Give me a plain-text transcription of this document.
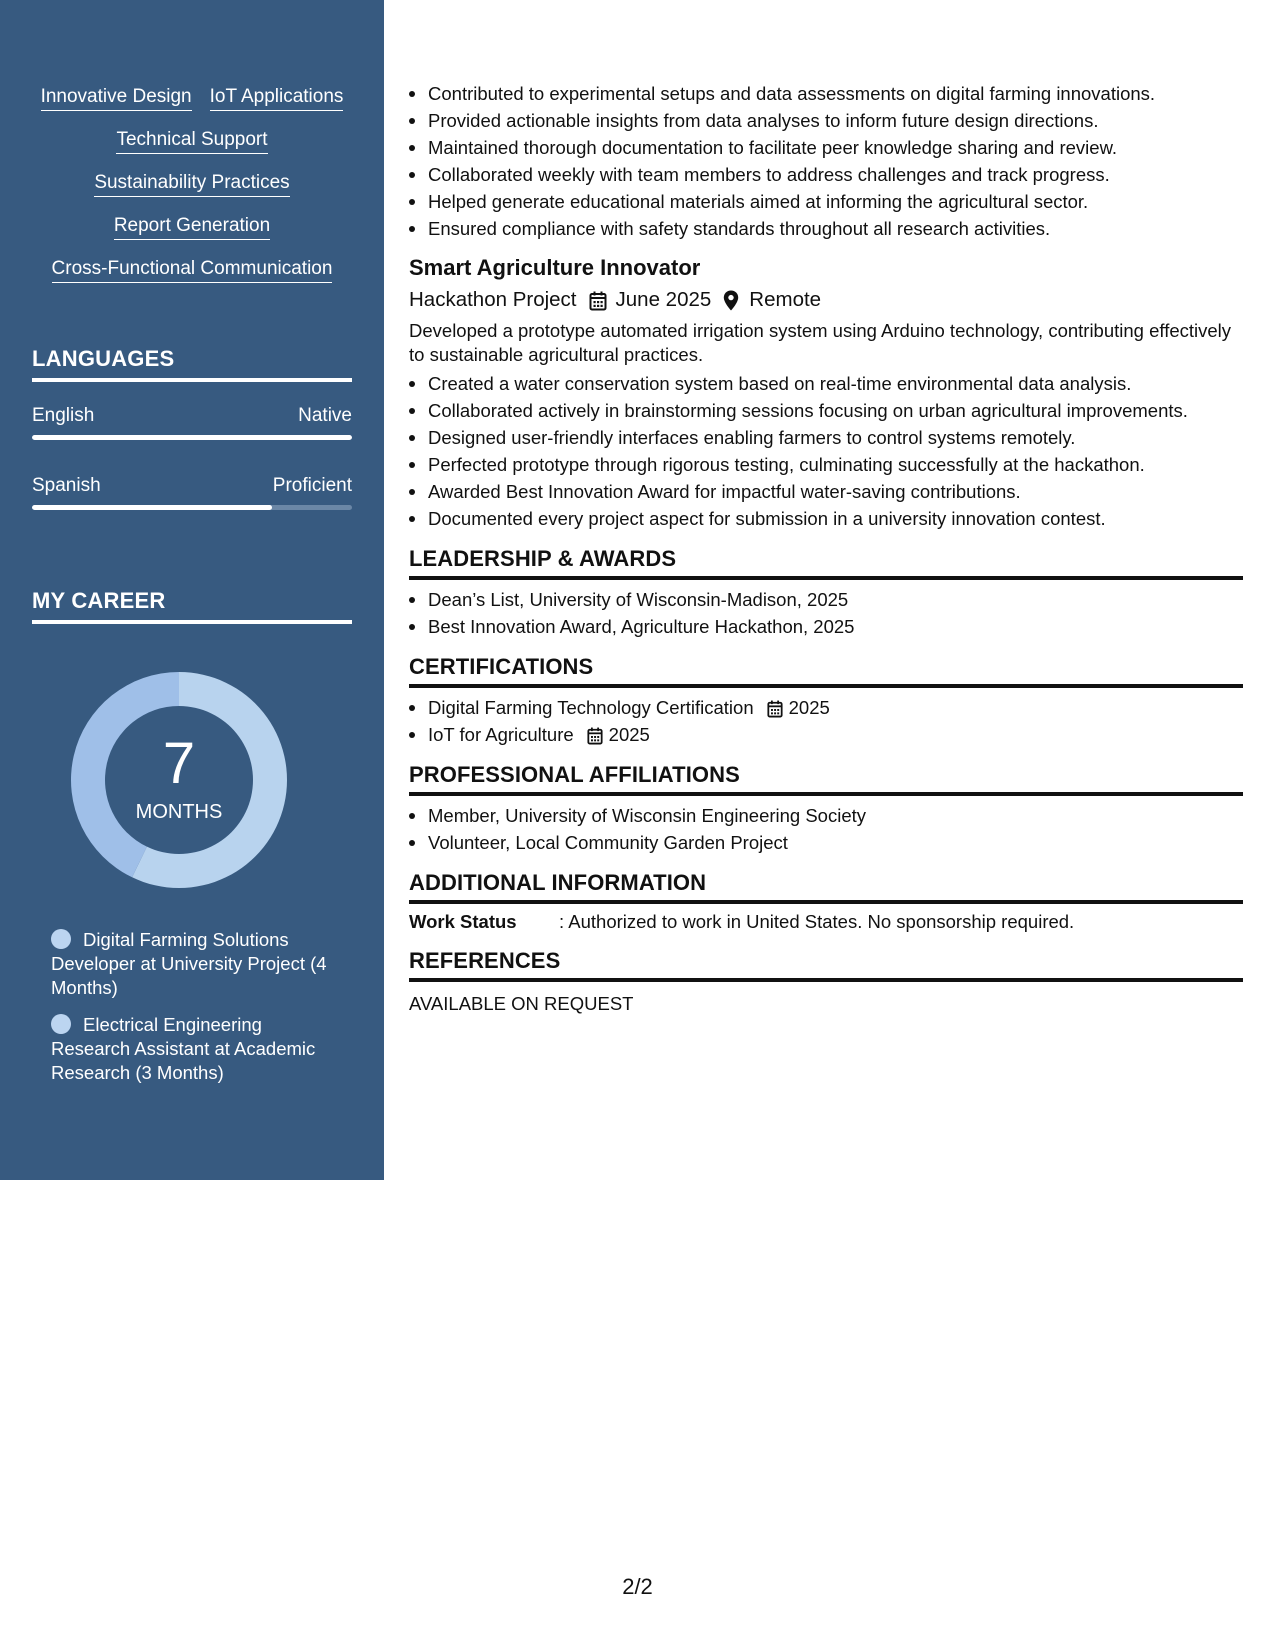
Innovative Design IoT Applications
Technical Support
Sustainability Practices
Report Generation
Cross-Functional Communication
LANGUAGES
English	Native
Spanish	Proficient
MY CAREER
7
MONTHS
Digital Farming Solutions Developer at University Project (4 Months)
Electrical Engineering Research Assistant at Academic Research (3 Months)
Contributed to experimental setups and data assessments on digital farming innovations.
Provided actionable insights from data analyses to inform future design directions.
Maintained thorough documentation to facilitate peer knowledge sharing and review.
Collaborated weekly with team members to address challenges and track progress.
Helped generate educational materials aimed at informing the agricultural sector.
Ensured compliance with safety standards throughout all research activities.
Smart Agriculture Innovator
Hackathon Project June 2025 Remote
Developed a prototype automated irrigation system using Arduino technology, contributing effectively to sustainable agricultural practices.
Created a water conservation system based on real-time environmental data analysis.
Collaborated actively in brainstorming sessions focusing on urban agricultural improvements.
Designed user-friendly interfaces enabling farmers to control systems remotely.
Perfected prototype through rigorous testing, culminating successfully at the hackathon.
Awarded Best Innovation Award for impactful water-saving contributions.
Documented every project aspect for submission in a university innovation contest.
LEADERSHIP & AWARDS
Dean’s List, University of Wisconsin-Madison, 2025
Best Innovation Award, Agriculture Hackathon, 2025
CERTIFICATIONS
Digital Farming Technology Certification 2025
IoT for Agriculture 2025
PROFESSIONAL AFFILIATIONS
Member, University of Wisconsin Engineering Society
Volunteer, Local Community Garden Project
ADDITIONAL INFORMATION
Work Status	: Authorized to work in United States. No sponsorship required.
REFERENCES
AVAILABLE ON REQUEST
2/2
